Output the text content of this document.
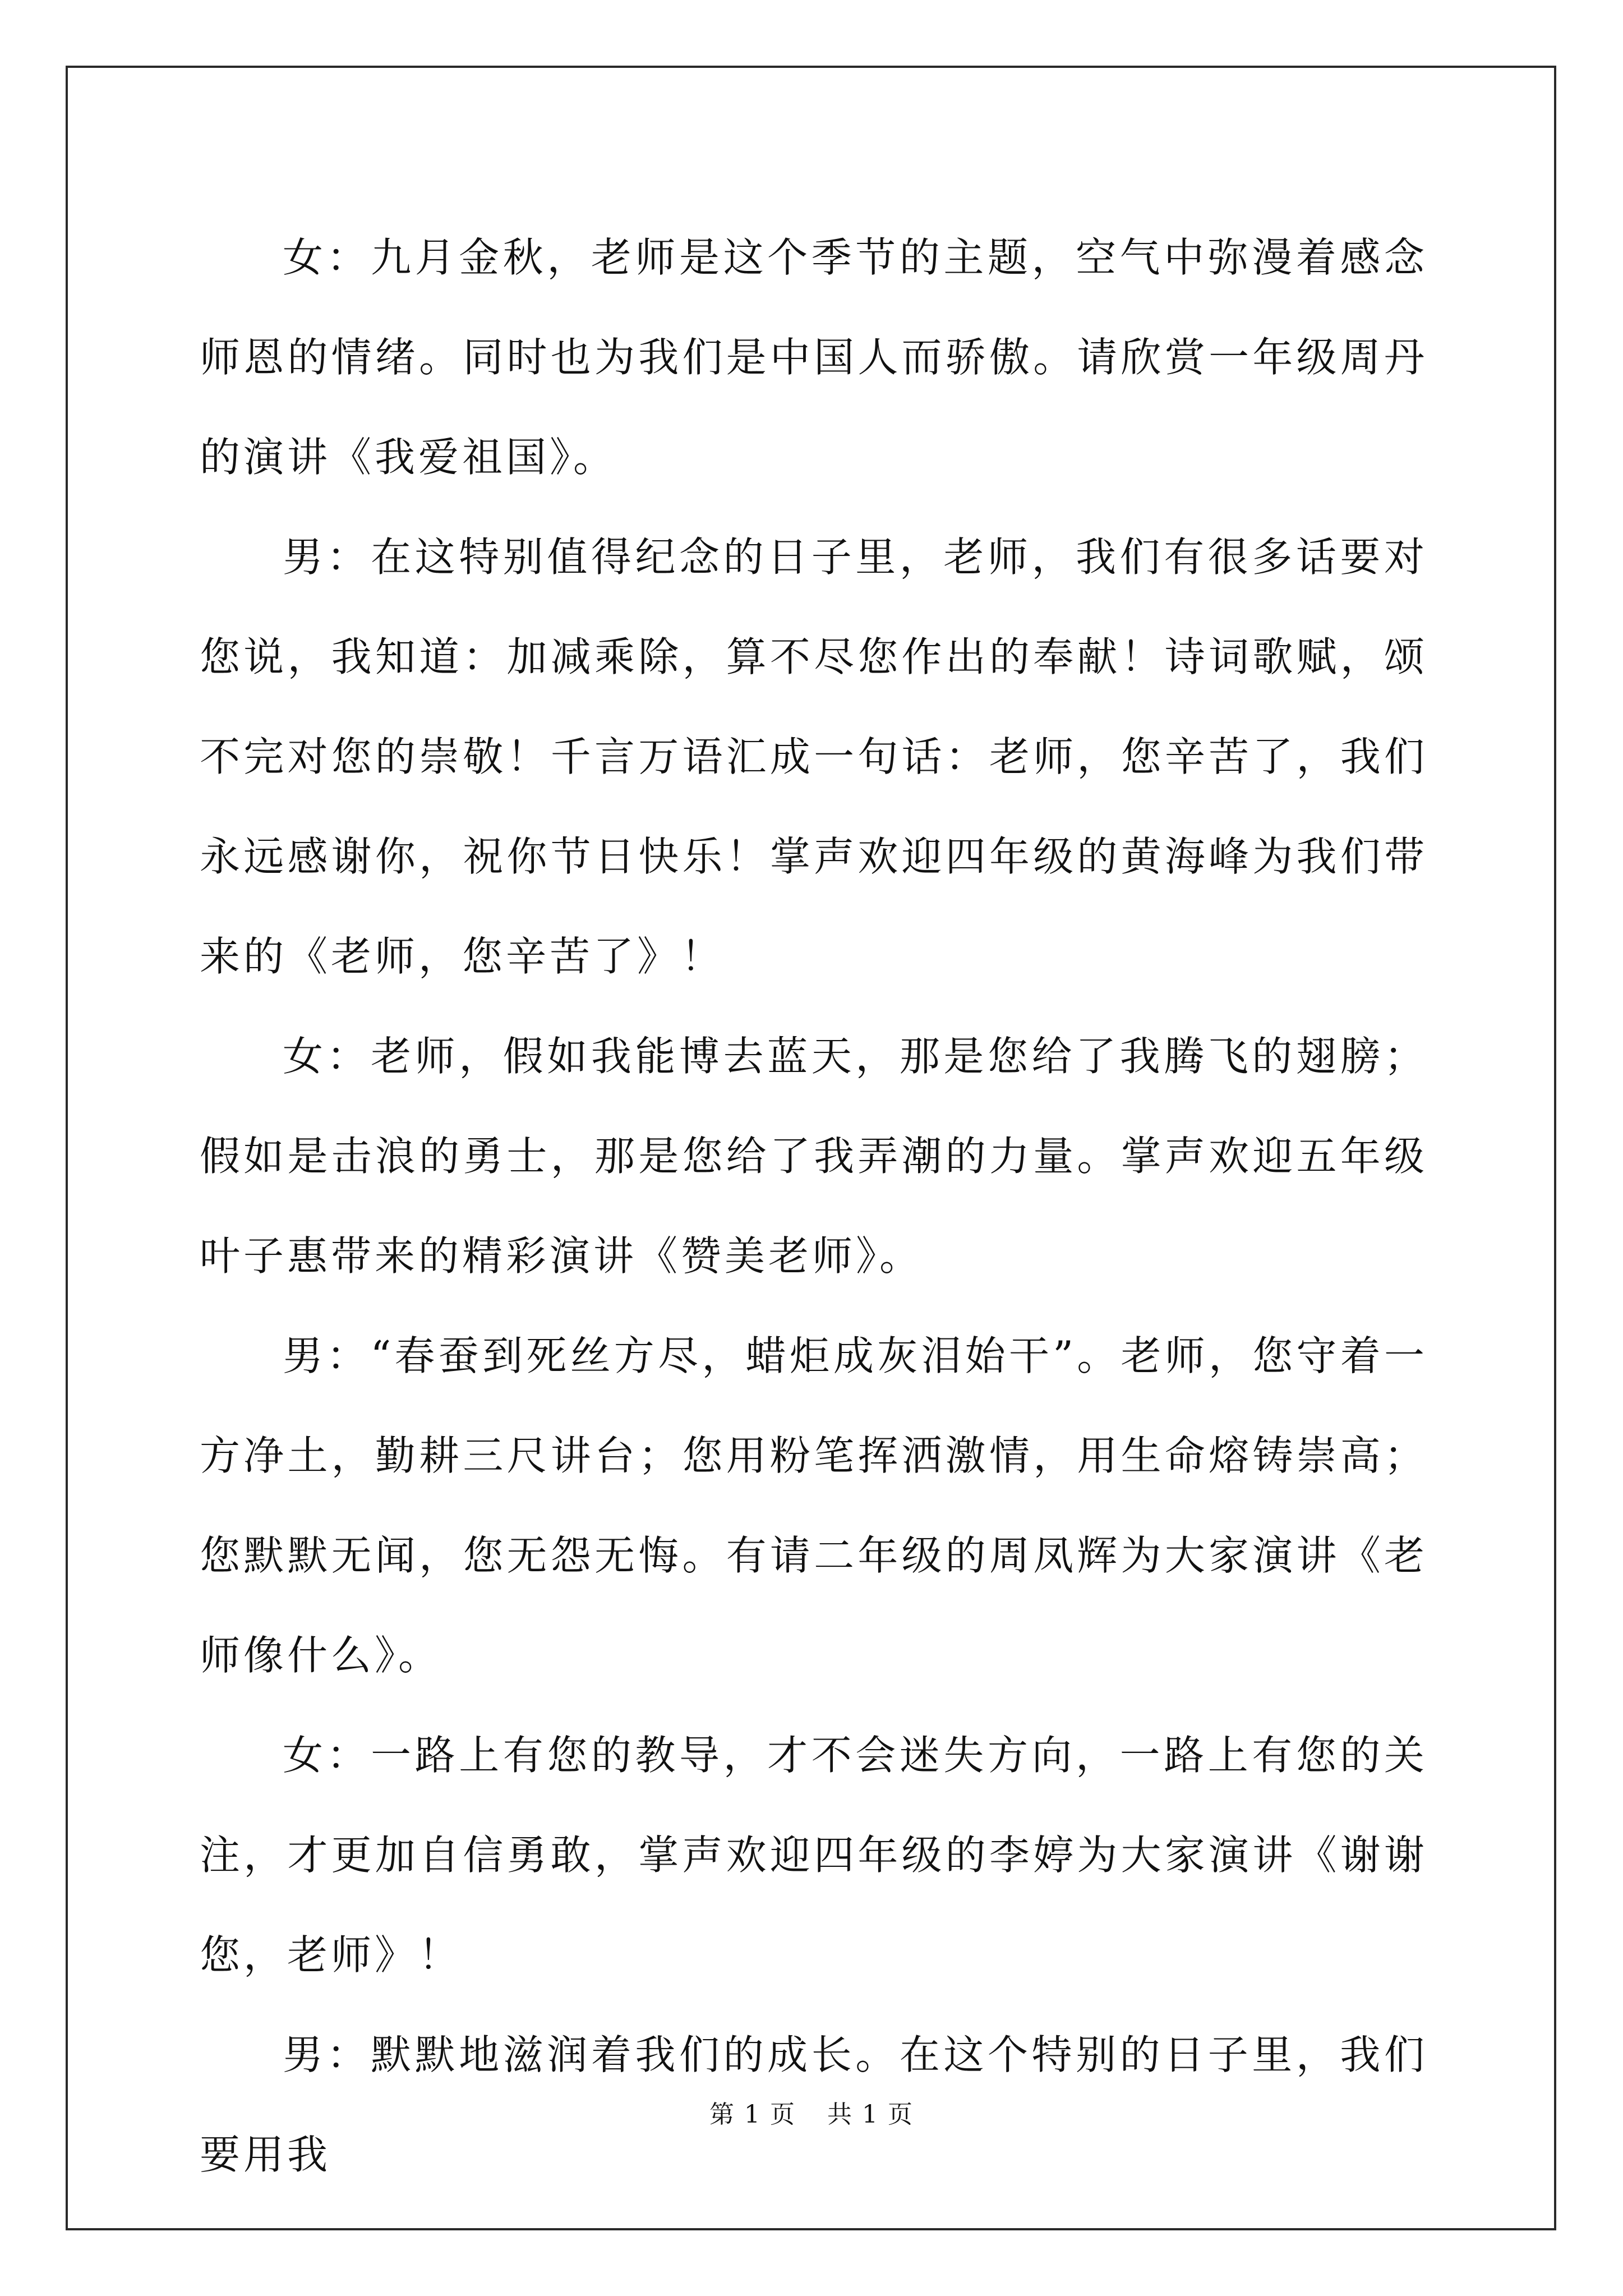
女：九月金秋，老师是这个季节的主题，空气中弥漫着感念师恩的情绪。同时也为我们是中国人而骄傲。请欣赏一年级周丹的演讲《我爱祖国》。

男：在这特别值得纪念的日子里，老师，我们有很多话要对您说，我知道：加减乘除，算不尽您作出的奉献！诗词歌赋，颂不完对您的崇敬！千言万语汇成一句话：老师，您辛苦了，我们永远感谢你，祝你节日快乐！掌声欢迎四年级的黄海峰为我们带来的《老师，您辛苦了》！

女：老师，假如我能博去蓝天，那是您给了我腾飞的翅膀；假如是击浪的勇士，那是您给了我弄潮的力量。掌声欢迎五年级叶子惠带来的精彩演讲《赞美老师》。

男：“春蚕到死丝方尽，蜡炬成灰泪始干”。老师，您守着一方净土，勤耕三尺讲台；您用粉笔挥洒激情，用生命熔铸崇高；您默默无闻，您无怨无悔。有请二年级的周凤辉为大家演讲《老师像什么》。

女：一路上有您的教导，才不会迷失方向，一路上有您的关注，才更加自信勇敢，掌声欢迎四年级的李婷为大家演讲《谢谢您，老师》！

男：默默地滋润着我们的成长。在这个特别的日子里，我们要用我

第 1 页 共 1 页
